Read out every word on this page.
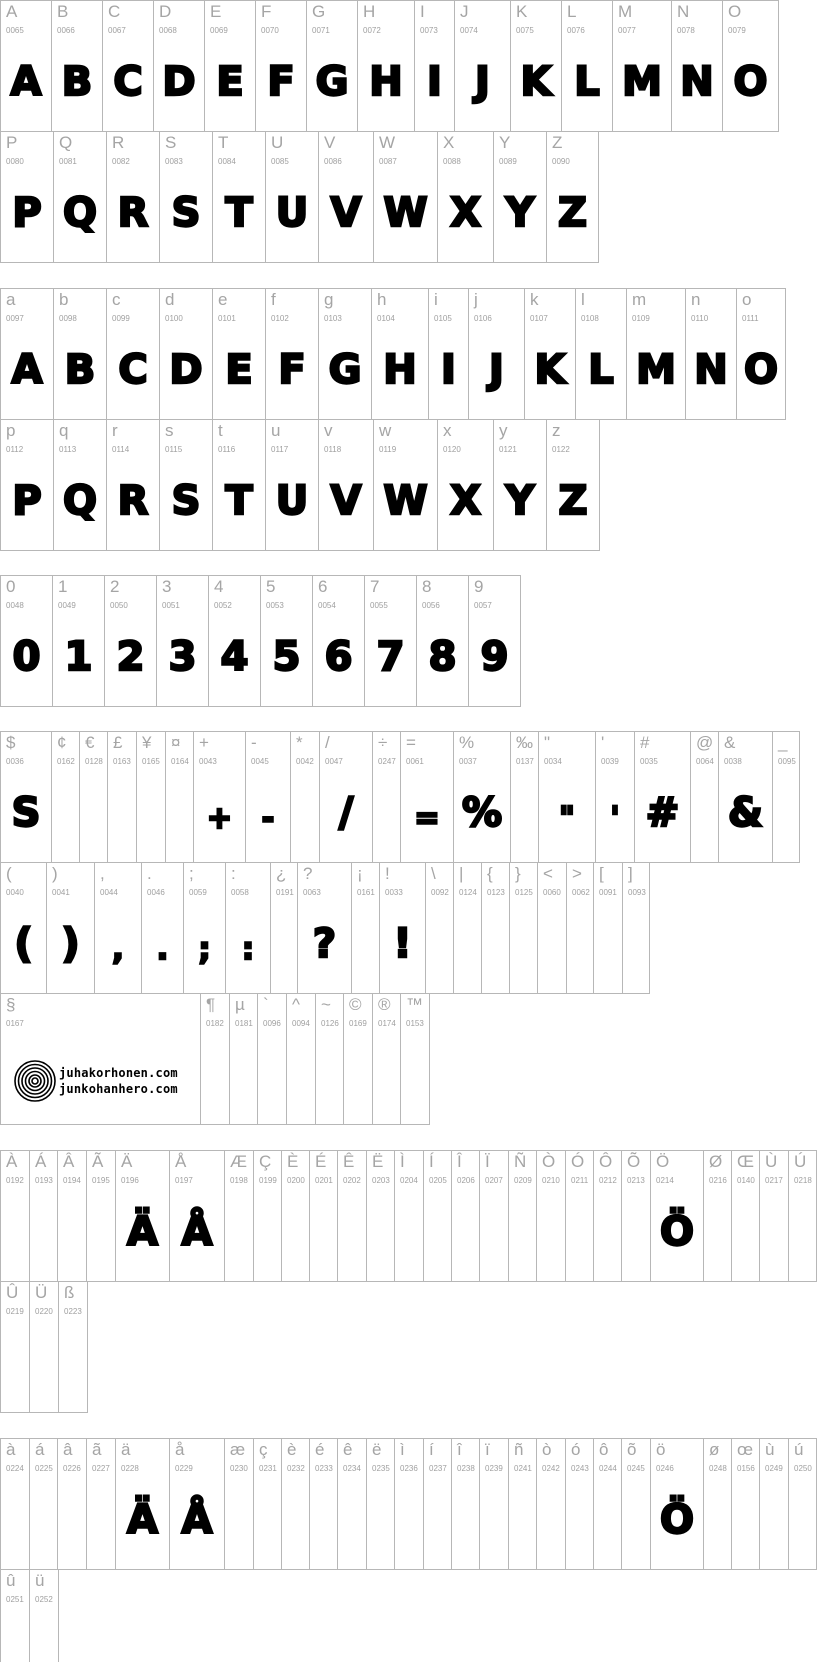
A
0065
A
B
0066
B
C
0067
C
D
0068
D
E
0069
E
F
0070
F
G
0071
G
H
0072
H
I
0073
I
J
0074
J
K
0075
K
L
0076
L
M
0077
M
N
0078
N
O
0079
O
P
0080
P
Q
0081
Q
R
0082
R
S
0083
S
T
0084
T
U
0085
U
V
0086
V
W
0087
W
X
0088
X
Y
0089
Y
Z
0090
Z
a
0097
A
b
0098
B
c
0099
C
d
0100
D
e
0101
E
f
0102
F
g
0103
G
h
0104
H
i
0105
I
j
0106
J
k
0107
K
l
0108
L
m
0109
M
n
0110
N
o
0111
O
p
0112
P
q
0113
Q
r
0114
R
s
0115
S
t
0116
T
u
0117
U
v
0118
V
w
0119
W
x
0120
X
y
0121
Y
z
0122
Z
0
0048
0
1
0049
1
2
0050
2
3
0051
3
4
0052
4
5
0053
5
6
0054
6
7
0055
7
8
0056
8
9
0057
9
$
0036
S
¢
0162
€
0128
£
0163
¥
0165
¤
0164
+
0043
+
-
0045
-
*
0042
/
0047
/
÷
0247
=
0061
=
%
0037
%
‰
0137
"
0034
"
'
0039
'
#
0035
#
@
0064
&
0038
&
_
0095
(
0040
(
)
0041
)
,
0044
,
.
0046
.
;
0059
;
:
0058
:
¿
0191
?
0063
?
¡
0161
!
0033
!
\
0092
|
0124
{
0123
}
0125
<
0060
>
0062
[
0091
]
0093
§
0167
juhakorhonen.com
junkohanhero.com
¶
0182
µ
0181
`
0096
^
0094
~
0126
©
0169
®
0174
™
0153
À
0192
Á
0193
Â
0194
Ã
0195
Ä
0196
Ä
Å
0197
Å
Æ
0198
Ç
0199
È
0200
É
0201
Ê
0202
Ë
0203
Ì
0204
Í
0205
Î
0206
Ï
0207
Ñ
0209
Ò
0210
Ó
0211
Ô
0212
Õ
0213
Ö
0214
Ö
Ø
0216
Œ
0140
Ù
0217
Ú
0218
Û
0219
Ü
0220
ß
0223
à
0224
á
0225
â
0226
ã
0227
ä
0228
Ä
å
0229
Å
æ
0230
ç
0231
è
0232
é
0233
ê
0234
ë
0235
ì
0236
í
0237
î
0238
ï
0239
ñ
0241
ò
0242
ó
0243
ô
0244
õ
0245
ö
0246
Ö
ø
0248
œ
0156
ù
0249
ú
0250
û
0251
ü
0252
